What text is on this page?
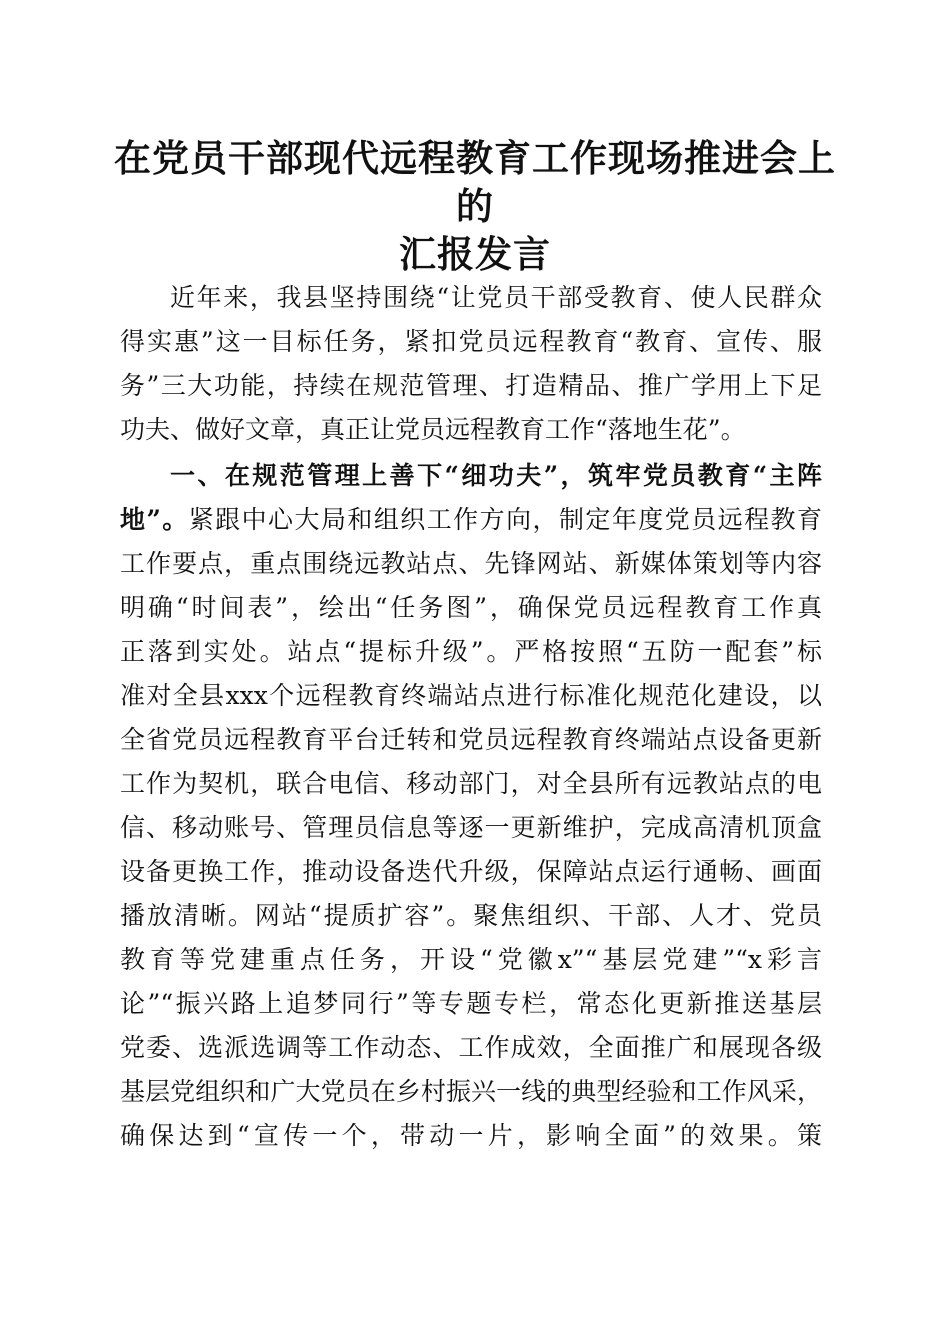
在党员干部现代远程教育工作现场推进会上的
汇报发言
近年来，我县坚持围绕“让党员干部受教育、使人民群众
得实惠”这一目标任务，紧扣党员远程教育“教育、宣传、服
务”三大功能，持续在规范管理、打造精品、推广学用上下足
功夫、做好文章，真正让党员远程教育工作“落地生花”。
一、在规范管理上善下“细功夫”，筑牢党员教育“主阵
地”。紧跟中心大局和组织工作方向，制定年度党员远程教育
工作要点，重点围绕远教站点、先锋网站、新媒体策划等内容
明确“时间表”，绘出“任务图”，确保党员远程教育工作真
正落到实处。站点“提标升级”。严格按照“五防一配套”标
准对全县xxx个远程教育终端站点进行标准化规范化建设，以
全省党员远程教育平台迁转和党员远程教育终端站点设备更新
工作为契机，联合电信、移动部门，对全县所有远教站点的电
信、移动账号、管理员信息等逐一更新维护，完成高清机顶盒
设备更换工作，推动设备迭代升级，保障站点运行通畅、画面
播放清晰。网站“提质扩容”。聚焦组织、干部、人才、党员
教育等党建重点任务，开设“党徽x”“基层党建”“x彩言
论”“振兴路上追梦同行”等专题专栏，常态化更新推送基层
党委、选派选调等工作动态、工作成效，全面推广和展现各级
基层党组织和广大党员在乡村振兴一线的典型经验和工作风采，
确保达到“宣传一个，带动一片，影响全面”的效果。策
